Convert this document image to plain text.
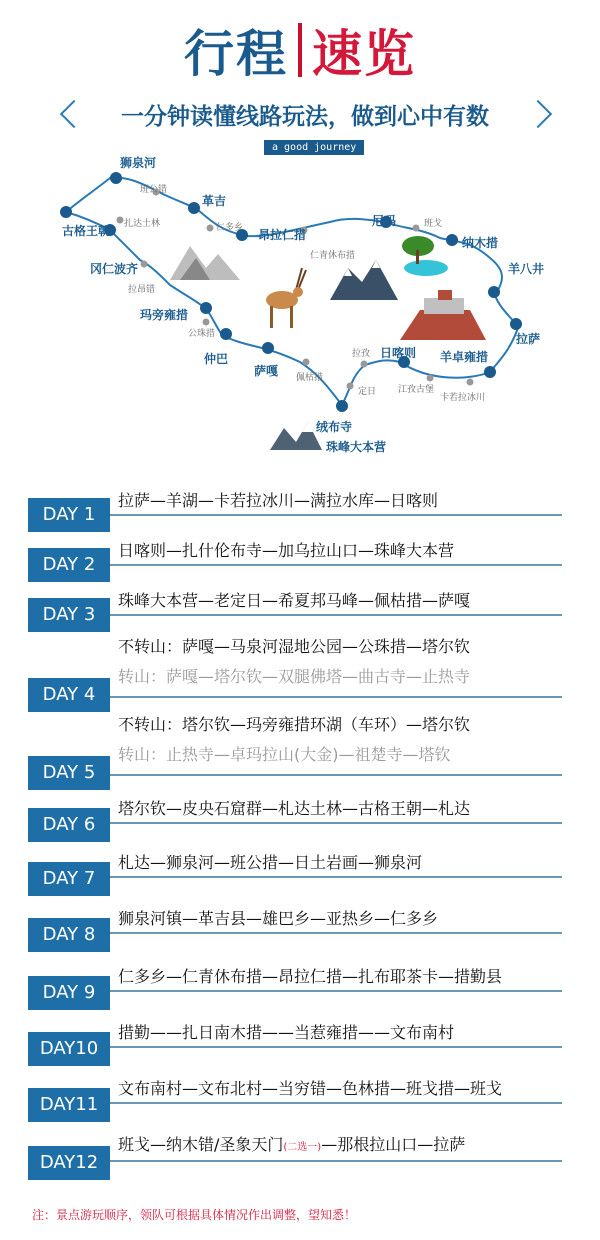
行程 速览
一分钟读懂线路玩法，做到心中有数
a good journey
狮泉河
古格王朝
革吉
冈仁波齐
昂拉仁措
尼玛
纳木措
羊八井
拉萨
羊卓雍措
日喀则
绒布寺
珠峰大本营
萨嘎
仲巴
玛旁雍措
班公错
扎达土林	仁多乡
仁青休布措
班戈
拉昂错
公珠措
佩枯措
拉孜
定日 江孜古堡
卡若拉冰川
拉萨—羊湖—卡若拉冰川—满拉水库—日喀则
DAY 1
日喀则—扎什伦布寺—加乌拉山口—珠峰大本营
DAY 2
珠峰大本营—老定日—希夏邦马峰—佩枯措—萨嘎
DAY 3
不转山：萨嘎—马泉河湿地公园—公珠措—塔尔钦
转山：萨嘎—塔尔钦—双腿佛塔—曲古寺—止热寺
DAY 4
不转山：塔尔钦—玛旁雍措环湖（车环）—塔尔钦
转山：止热寺—卓玛拉山(大金)—祖楚寺—塔钦
DAY 5
塔尔钦—皮央石窟群—札达土林—古格王朝—札达
DAY 6
札达—狮泉河—班公措—日土岩画—狮泉河
DAY 7
狮泉河镇—革吉县—雄巴乡—亚热乡—仁多乡
DAY 8
仁多乡—仁青休布措—昂拉仁措—扎布耶茶卡—措勤县
DAY 9
措勤——扎日南木措——当惹雍措——文布南村
DAY10
文布南村—文布北村—当穷错—色林措—班戈措—班戈
DAY11
班戈—纳木错/圣象天门(二选一)—那根拉山口—拉萨
DAY12
注：景点游玩顺序，领队可根据具体情况作出调整，望知悉！
